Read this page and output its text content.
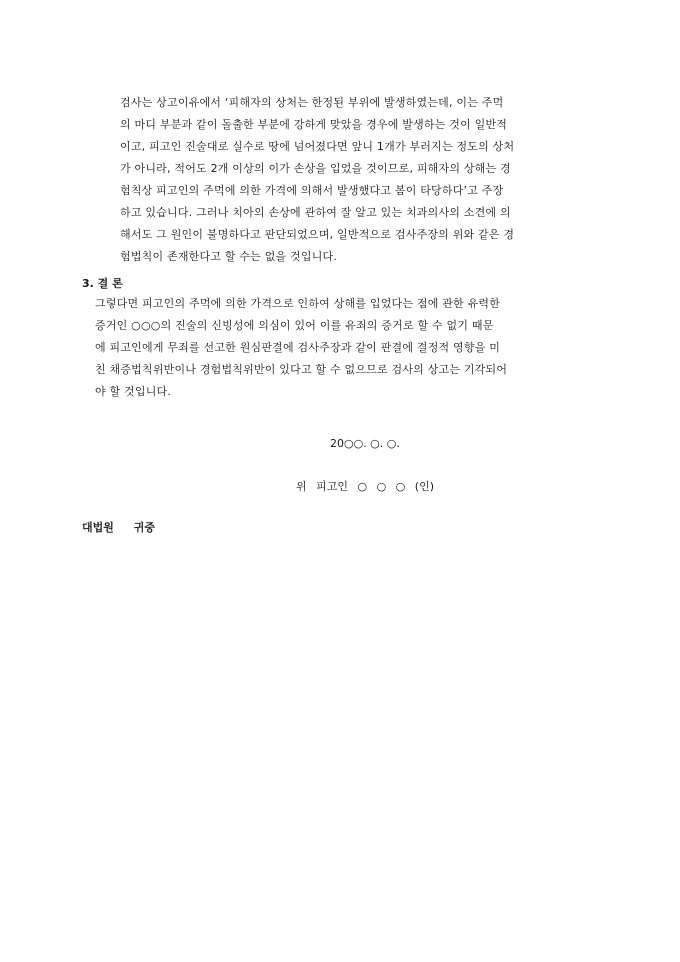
검사는 상고이유에서 ‘피해자의 상처는 한정된 부위에 발생하였는데, 이는 주먹
의 마디 부분과 같이 돌출한 부분에 강하게 맞았을 경우에 발생하는 것이 일반적
이고, 피고인 진술대로 실수로 땅에 넘어졌다면 앞니 1개가 부러지는 정도의 상처
가 아니라, 적어도 2개 이상의 이가 손상을 입었을 것이므로, 피해자의 상해는 경
험칙상 피고인의 주먹에 의한 가격에 의해서 발생했다고 봄이 타당하다’고 주장
하고 있습니다. 그러나 치아의 손상에 관하여 잘 알고 있는 치과의사의 소견에 의
해서도 그 원인이 불명하다고 판단되었으며, 일반적으로 검사주장의 위와 같은 경
험법칙이 존재한다고 할 수는 없을 것입니다.
3. 결 론
그렇다면 피고인의 주먹에 의한 가격으로 인하여 상해를 입었다는 점에 관한 유력한
증거인 ○○○의 진술의 신빙성에 의심이 있어 이를 유죄의 증거로 할 수 없기 때문
에 피고인에게 무죄를 선고한 원심판결에 검사주장과 같이 판결에 결정적 영향을 미
친 채증법칙위반이나 경험법칙위반이 있다고 할 수 없으므로 검사의 상고는 기각되어
야 할 것입니다.
20○○. ○. ○.
위 피고인 ○ ○ ○ (인)
대법원 귀중
